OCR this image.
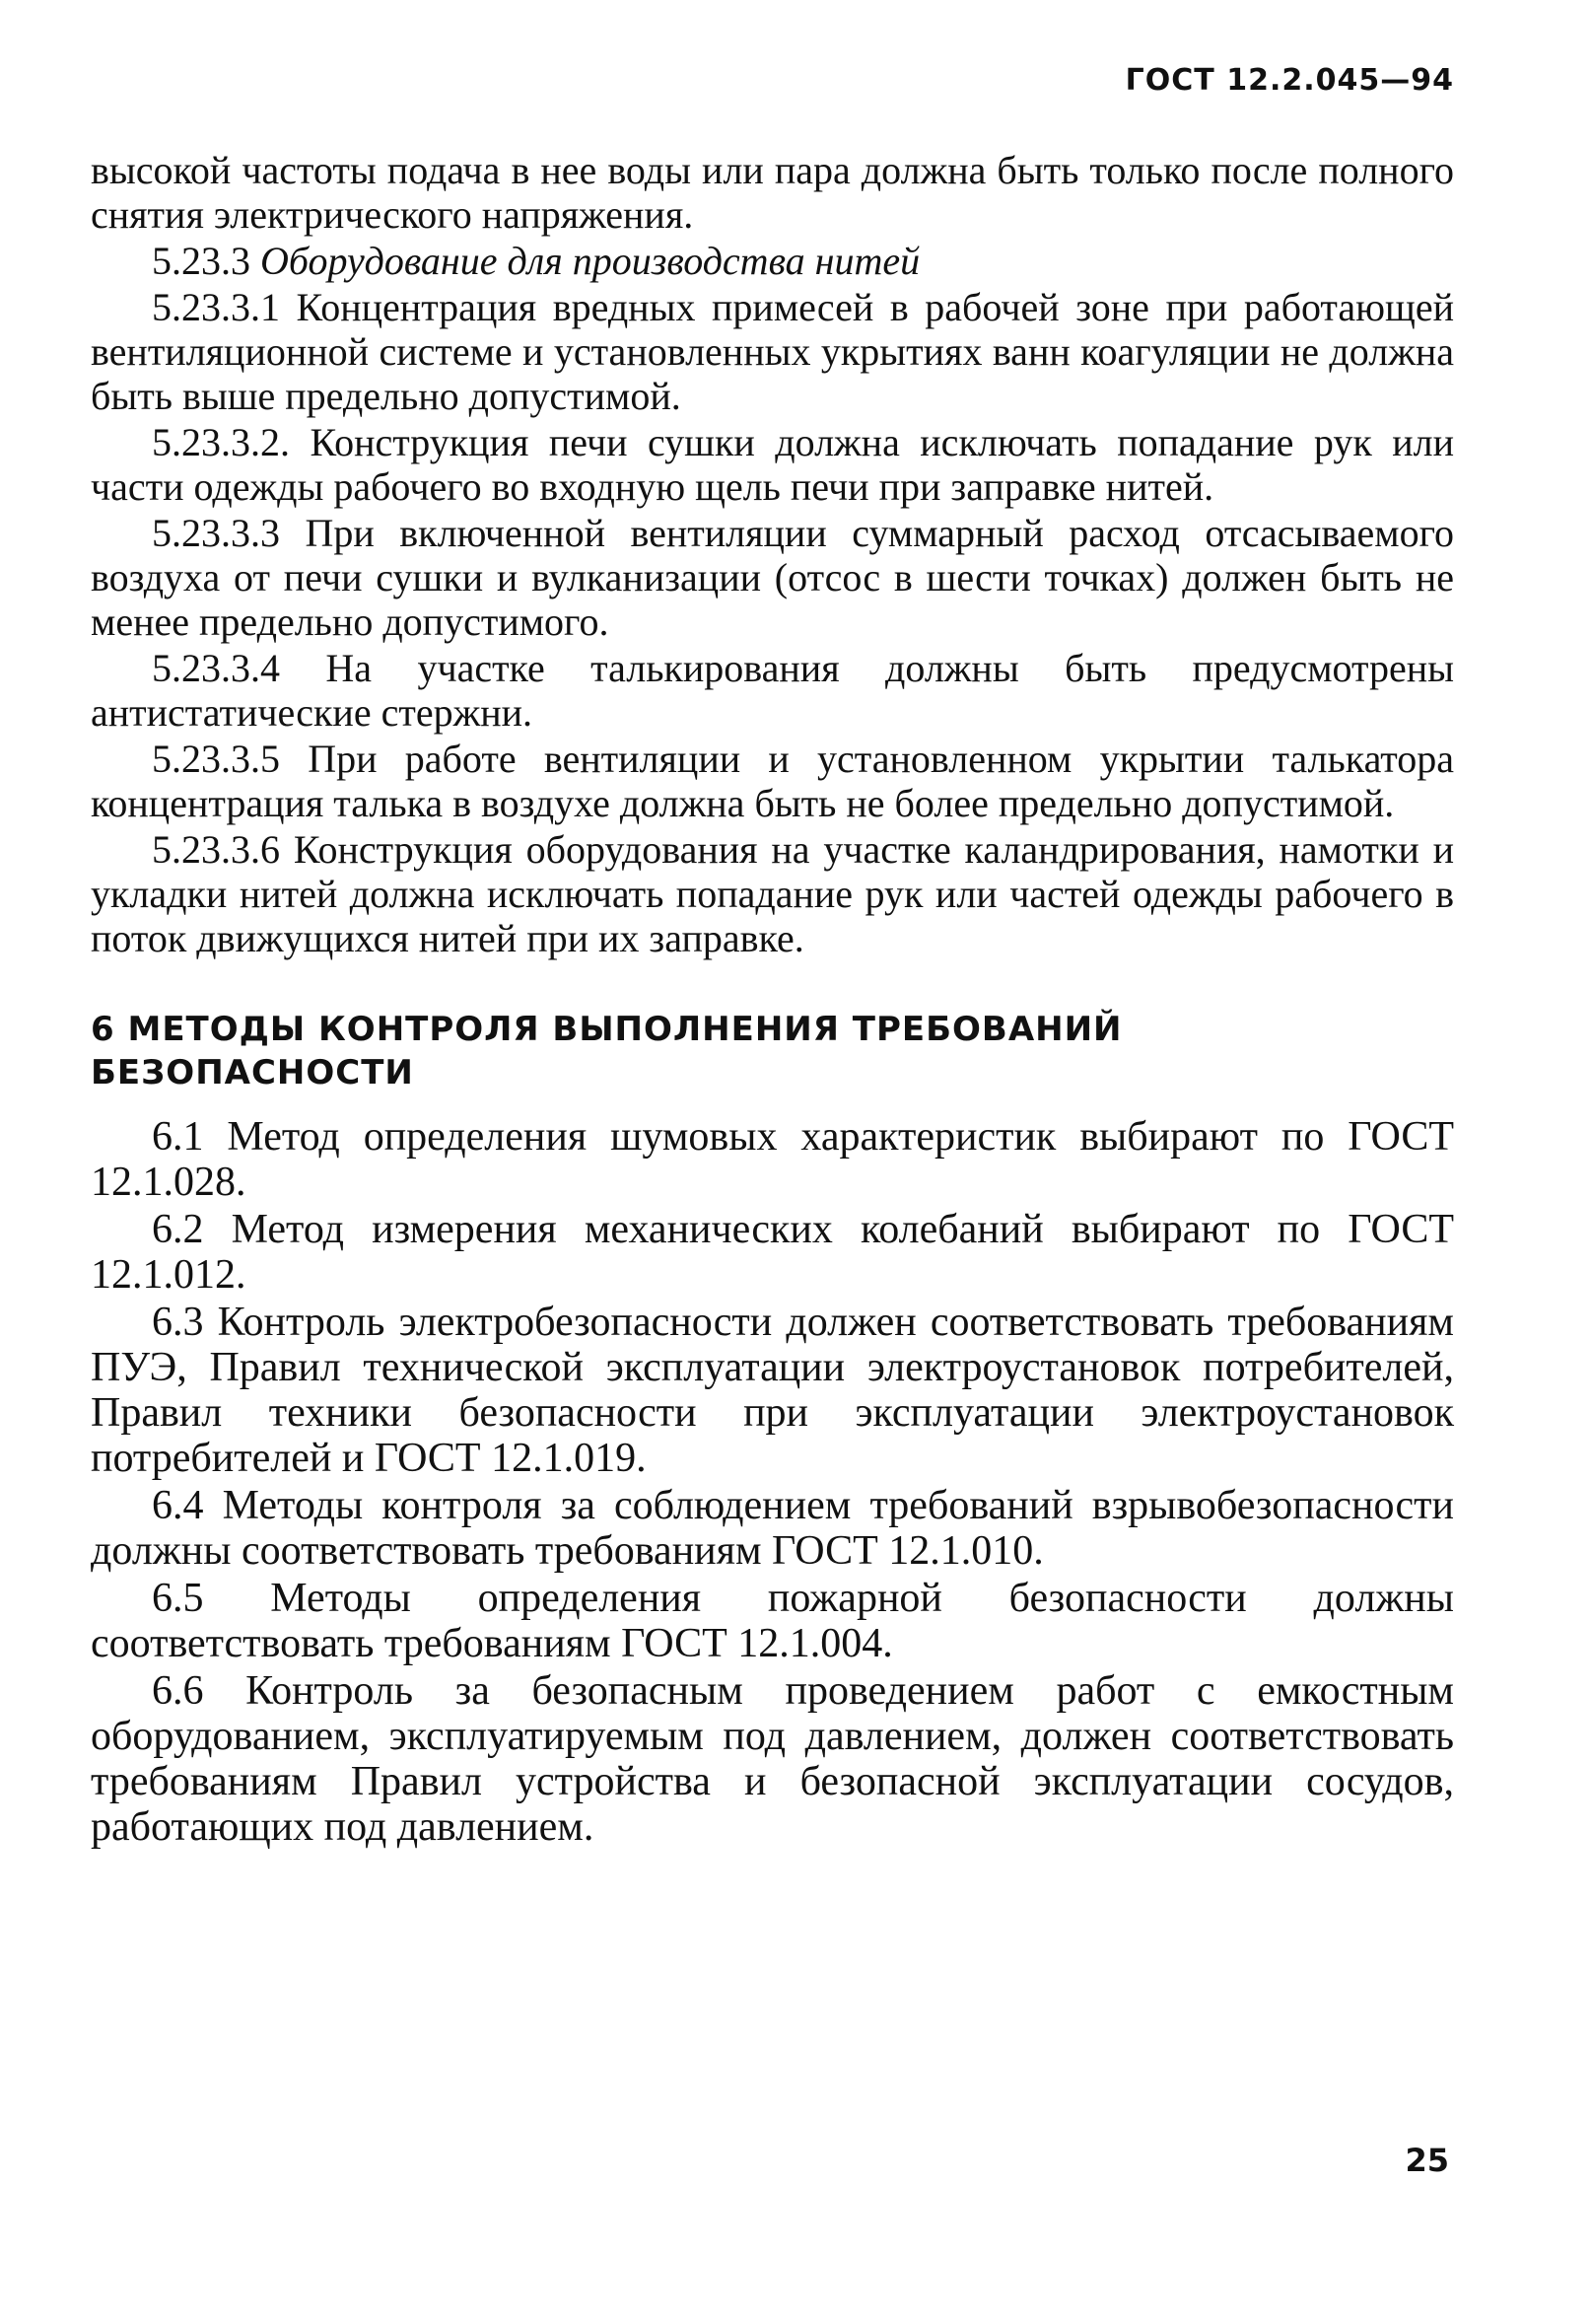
ГОСТ 12.2.045—94

высокой частоты подача в нее воды или пара должна быть только после полного снятия электрического напряжения.

5.23.3 Оборудование для производства нитей

5.23.3.1 Концентрация вредных примесей в рабочей зоне при работающей вентиляционной системе и установленных укрытиях ванн коагуляции не должна быть выше предельно допустимой.

5.23.3.2. Конструкция печи сушки должна исключать попадание рук или части одежды рабочего во входную щель печи при заправке нитей.

5.23.3.3 При включенной вентиляции суммарный расход отсасываемого воздуха от печи сушки и вулканизации (отсос в шести точках) должен быть не менее предельно допустимого.

5.23.3.4 На участке талькирования должны быть предусмотрены антистатические стержни.

5.23.3.5 При работе вентиляции и установленном укрытии талькатора концентрация талька в воздухе должна быть не более предельно допустимой.

5.23.3.6 Конструкция оборудования на участке каландрирования, намотки и укладки нитей должна исключать попадание рук или частей одежды рабочего в поток движущихся нитей при их заправке.

6 МЕТОДЫ КОНТРОЛЯ ВЫПОЛНЕНИЯ ТРЕБОВАНИЙ БЕЗОПАСНОСТИ

6.1 Метод определения шумовых характеристик выбирают по ГОСТ 12.1.028.

6.2 Метод измерения механических колебаний выбирают по ГОСТ 12.1.012.

6.3 Контроль электробезопасности должен соответствовать требованиям ПУЭ, Правил технической эксплуатации электроустановок потребителей, Правил техники безопасности при эксплуатации электроустановок потребителей и ГОСТ 12.1.019.

6.4 Методы контроля за соблюдением требований взрывобезопасности должны соответствовать требованиям ГОСТ 12.1.010.

6.5 Методы определения пожарной безопасности должны соответствовать требованиям ГОСТ 12.1.004.

6.6 Контроль за безопасным проведением работ с емкостным оборудованием, эксплуатируемым под давлением, должен соответствовать требованиям Правил устройства и безопасной эксплуатации сосудов, работающих под давлением.

25
